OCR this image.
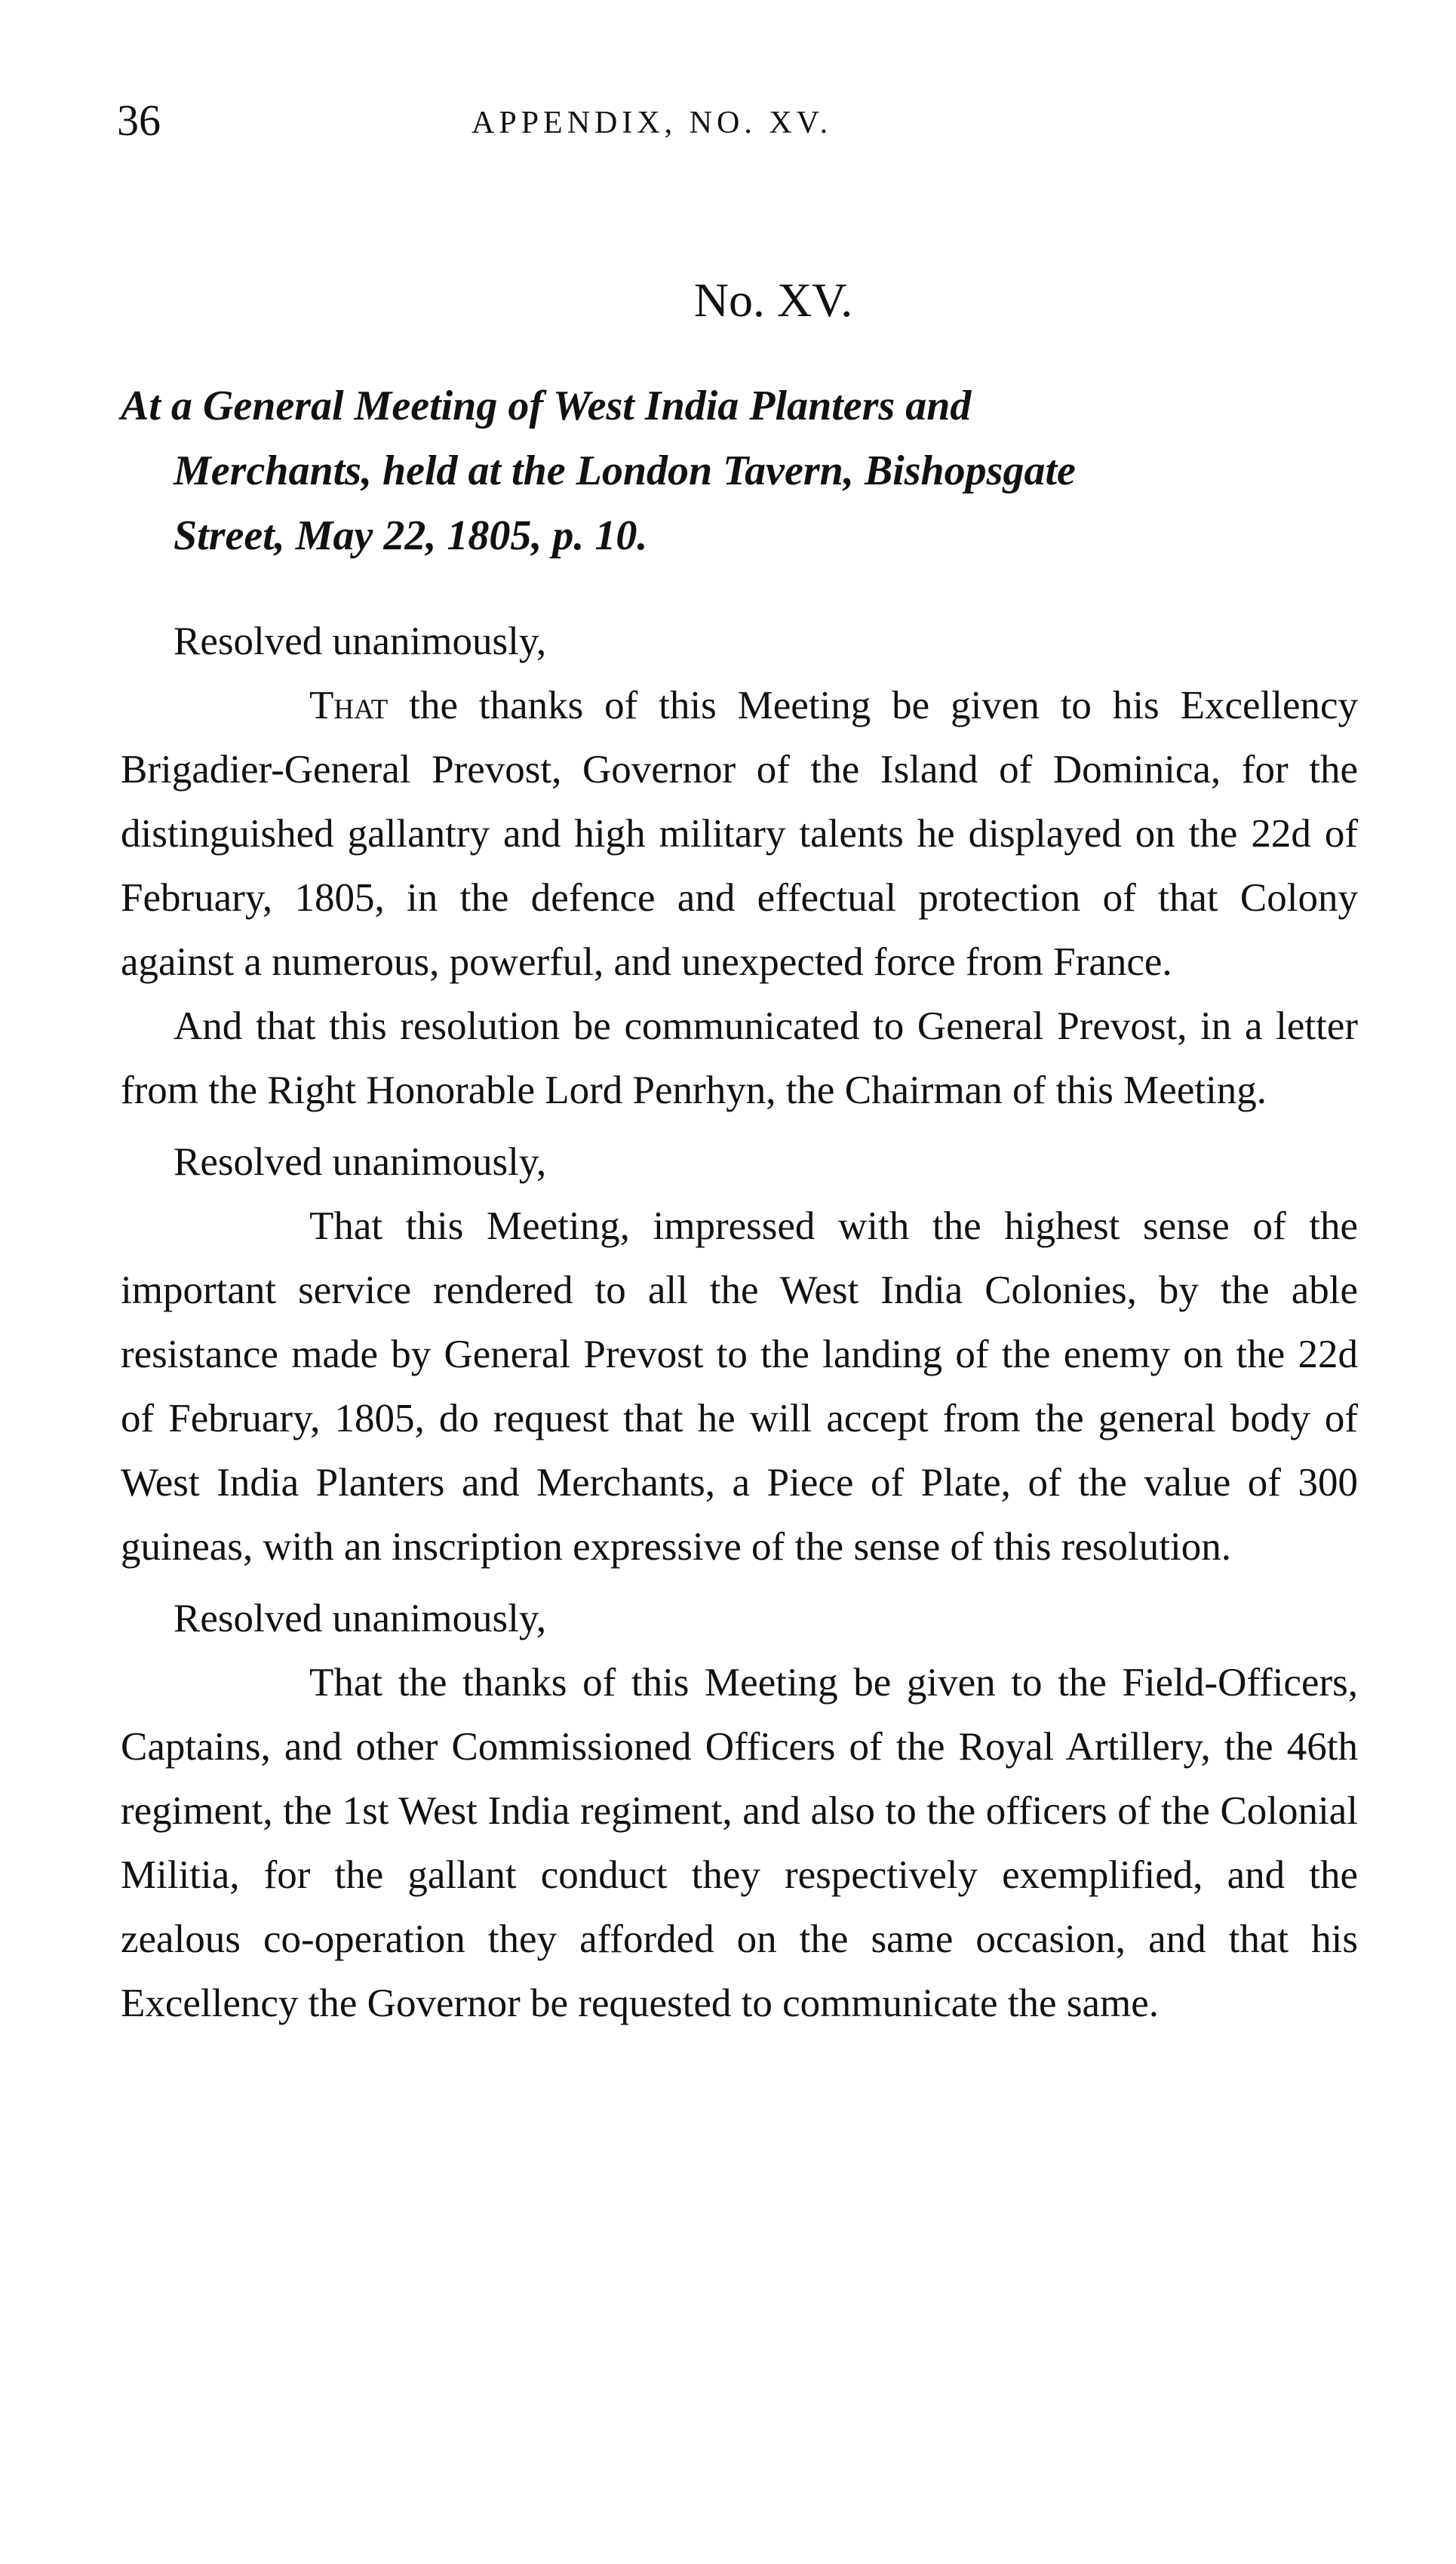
36	APPENDIX, NO. XV.
No. XV.
At a General Meeting of West India Planters and
Merchants, held at the London Tavern, Bishopsgate
Street, May 22, 1805, p. 10.
Resolved unanimously,
That the thanks of this Meeting be given to his Excellency Brigadier-General Prevost, Governor of the Island of Dominica, for the distinguished gallantry and high military talents he displayed on the 22d of February, 1805, in the defence and effectual protection of that Colony against a numerous, powerful, and unexpected force from France.
And that this resolution be communicated to General Prevost, in a letter from the Right Honorable Lord Penrhyn, the Chairman of this Meeting.
Resolved unanimously,
That this Meeting, impressed with the highest sense of the important service rendered to all the West India Colonies, by the able resistance made by General Prevost to the landing of the enemy on the 22d of February, 1805, do request that he will accept from the general body of West India Planters and Merchants, a Piece of Plate, of the value of 300 guineas, with an inscription expressive of the sense of this resolution.
Resolved unanimously,
That the thanks of this Meeting be given to the Field-Officers, Captains, and other Commissioned Officers of the Royal Artillery, the 46th regiment, the 1st West India regiment, and also to the officers of the Colonial Militia, for the gallant conduct they respectively exemplified, and the zealous co-operation they afforded on the same occasion, and that his Excellency the Governor be requested to communicate the same.
